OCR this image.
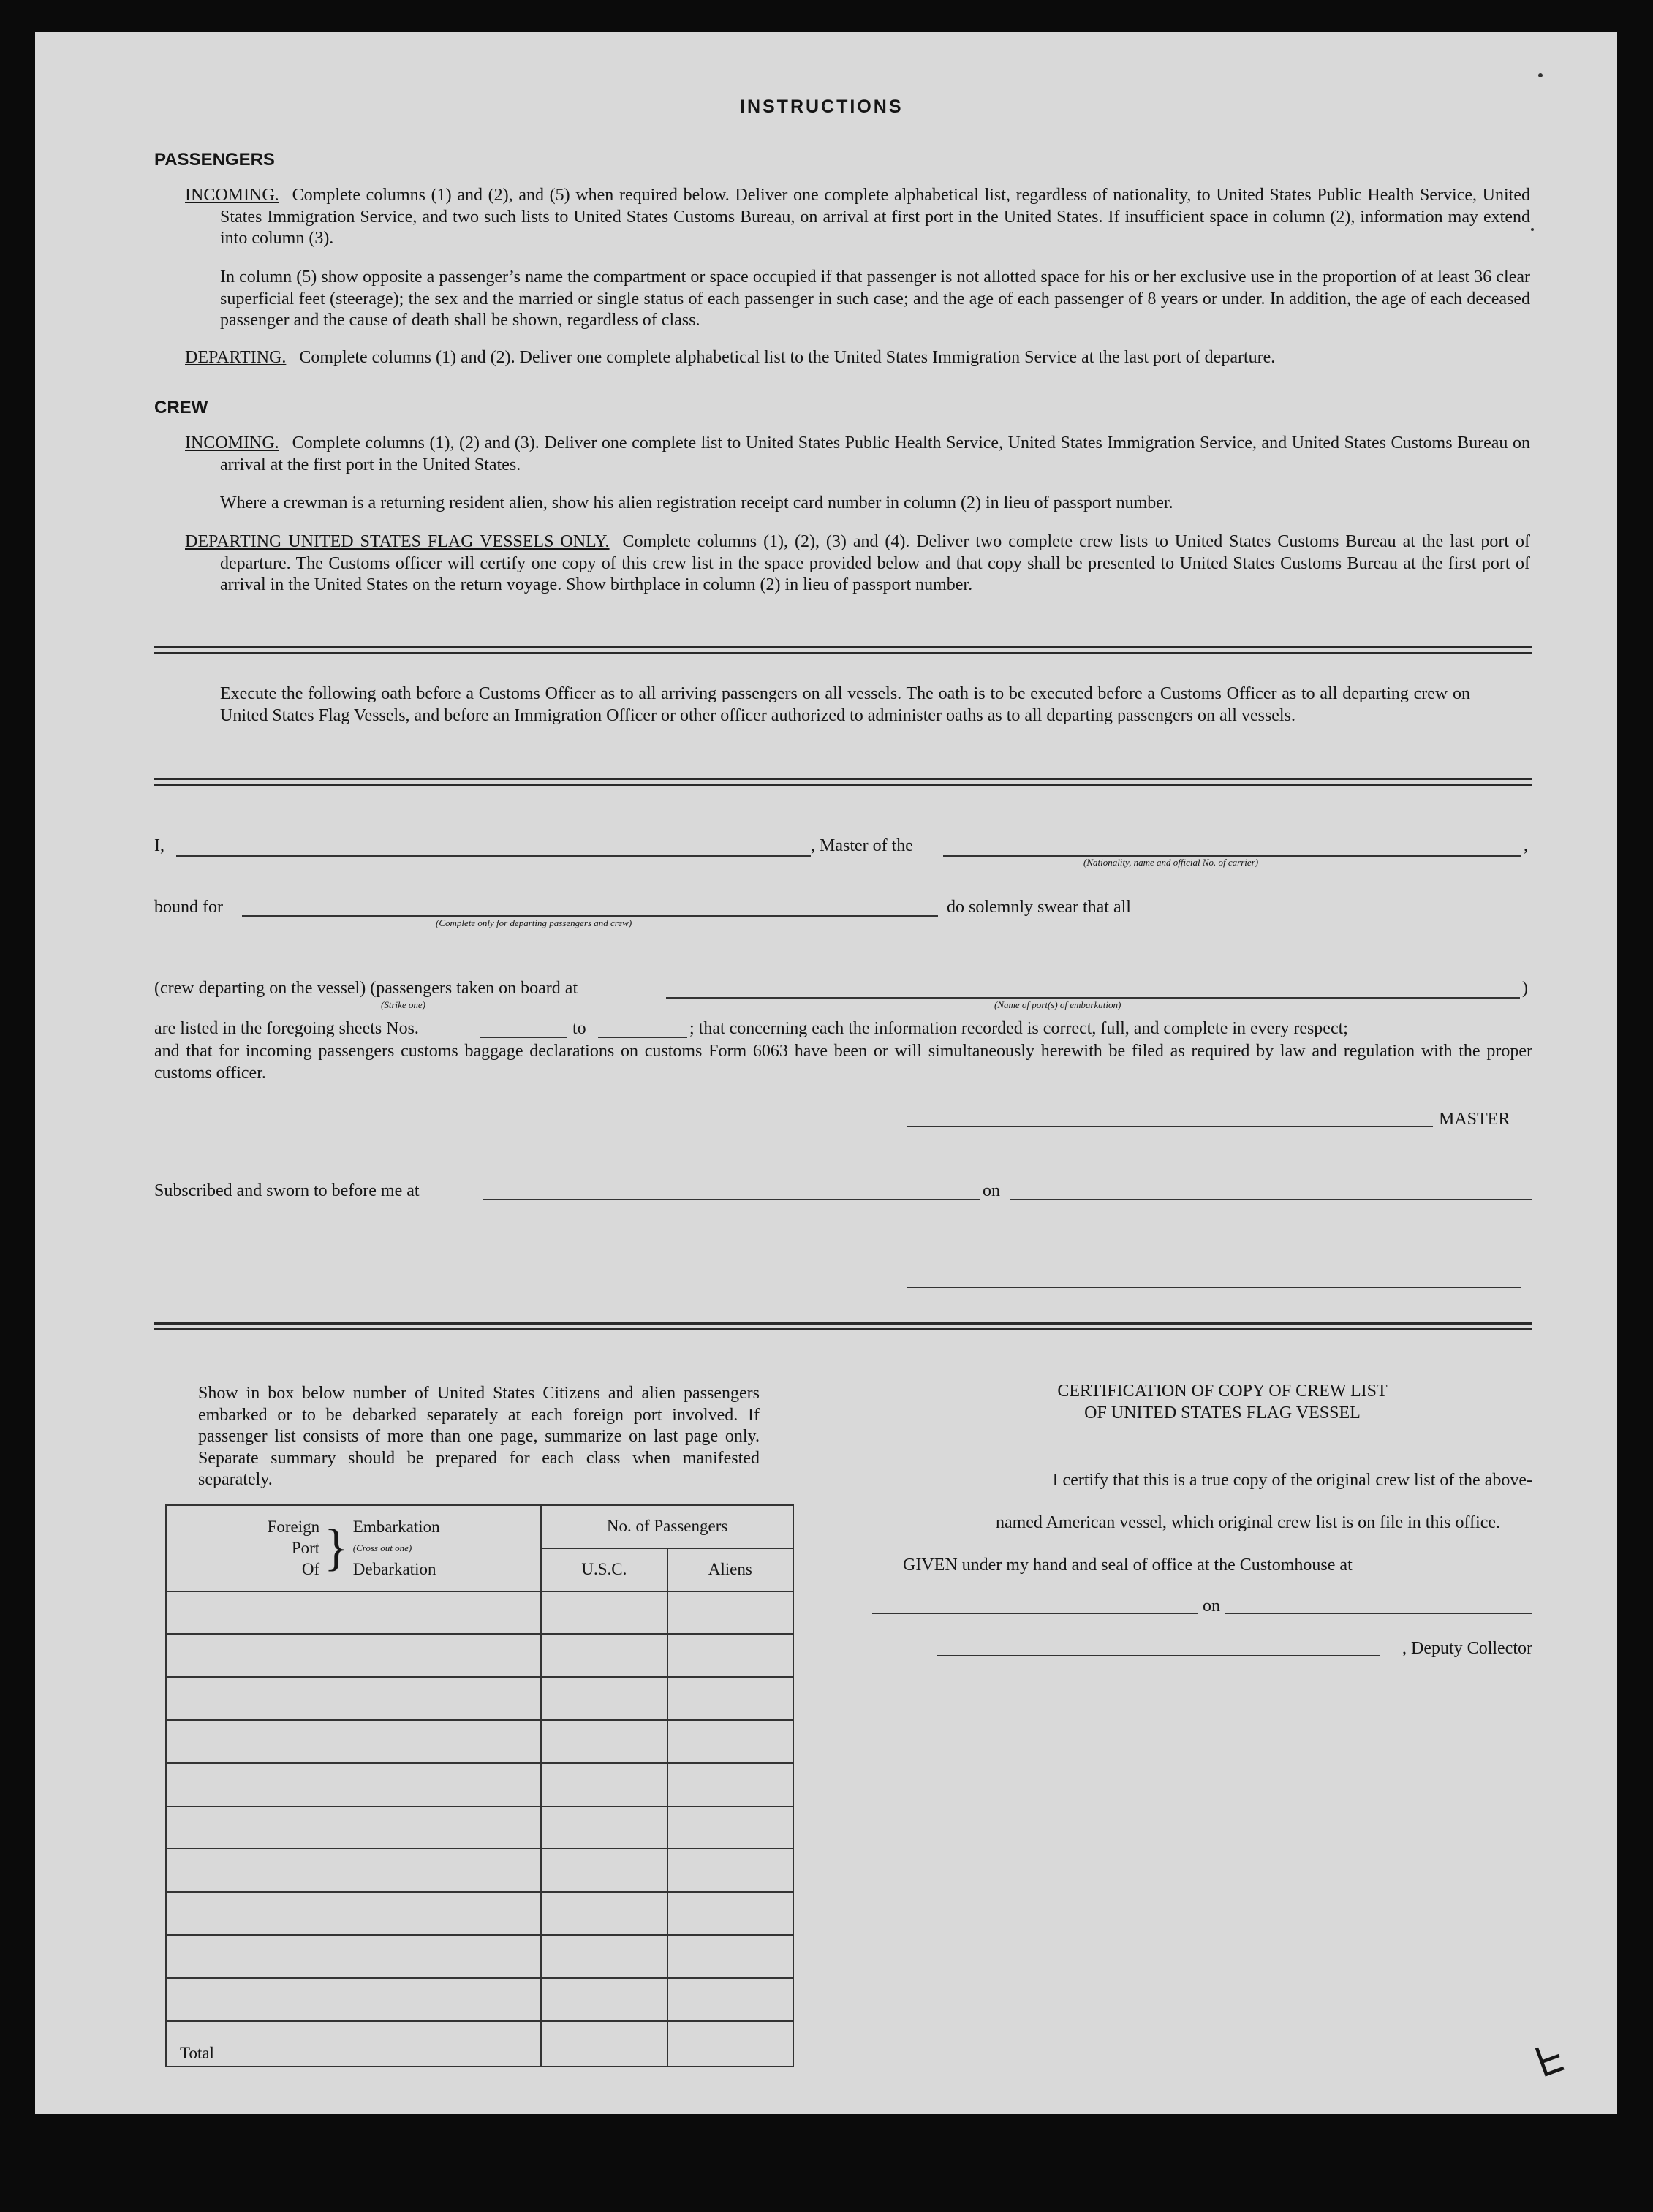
INSTRUCTIONS
PASSENGERS

INCOMING. Complete columns (1) and (2), and (5) when required below. Deliver one complete alphabetical list, regardless of nationality, to United States Public Health Service, United States Immigration Service, and two such lists to United States Customs Bureau, on arrival at first port in the United States. If insufficient space in column (2), information may extend into column (3).

In column (5) show opposite a passenger’s name the compartment or space occupied if that passenger is not allotted space for his or her exclusive use in the proportion of at least 36 clear superficial feet (steerage); the sex and the married or single status of each passenger in such case; and the age of each passenger of 8 years or under. In addition, the age of each deceased passenger and the cause of death shall be shown, regardless of class.

DEPARTING. Complete columns (1) and (2). Deliver one complete alphabetical list to the United States Immigration Service at the last port of departure.

CREW

INCOMING. Complete columns (1), (2) and (3). Deliver one complete list to United States Public Health Service, United States Immigration Service, and United States Customs Bureau on arrival at the first port in the United States.

Where a crewman is a returning resident alien, show his alien registration receipt card number in column (2) in lieu of passport number.

DEPARTING UNITED STATES FLAG VESSELS ONLY. Complete columns (1), (2), (3) and (4). Deliver two complete crew lists to United States Customs Bureau at the last port of departure. The Customs officer will certify one copy of this crew list in the space provided below and that copy shall be presented to United States Customs Bureau at the first port of arrival in the United States on the return voyage. Show birthplace in column (2) in lieu of passport number.

Execute the following oath before a Customs Officer as to all arriving passengers on all vessels. The oath is to be executed before a Customs Officer as to all departing crew on United States Flag Vessels, and before an Immigration Officer or other officer authorized to administer oaths as to all departing passengers on all vessels.

I,	, Master of the	,
(Nationality, name and official No. of carrier)
bound for
(Complete only for departing passengers and crew)
do solemnly swear that all
(crew departing on the vessel) (passengers taken on board at	)
(Strike one)	(Name of port(s) of embarkation)
are listed in the foregoing sheets Nos.	to	; that concerning each the information recorded is correct, full, and complete in every respect;

and that for incoming passengers customs baggage declarations on customs Form 6063 have been or will simultaneously herewith be filed as required by law and regulation with the proper customs officer.

MASTER
Subscribed and sworn to before me at	on

Show in box below number of United States Citizens and alien passengers embarked or to be debarked separately at each foreign port involved. If passenger list consists of more than one page, summarize on last page only. Separate summary should be prepared for each class when manifested separately.

Foreign
Port
Of	}	Embarkation
(Cross out one)
Debarkation
	No. of Passengers
U.S.C.	Aliens

Total		
CERTIFICATION OF COPY OF CREW LIST
OF UNITED STATES FLAG VESSEL
I certify that this is a true copy of the original crew list of the above-
named American vessel, which original crew list is on file in this office.
GIVEN under my hand and seal of office at the Customhouse at
on
, Deputy Collector
ᖶ
